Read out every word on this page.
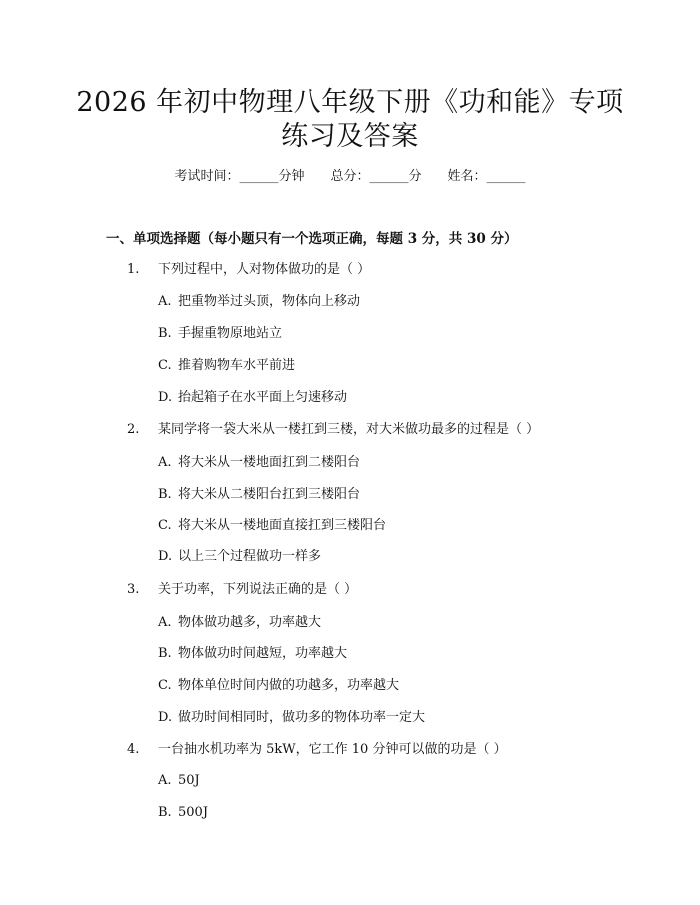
2026 年初中物理八年级下册《功和能》专项
练习及答案
考试时间：______分钟 总分：______分 姓名：______
一、单项选择题（每小题只有一个选项正确，每题 3 分，共 30 分）
1. 下列过程中，人对物体做功的是（ ）
A. 把重物举过头顶，物体向上移动
B. 手握重物原地站立
C. 推着购物车水平前进
D. 抬起箱子在水平面上匀速移动
2. 某同学将一袋大米从一楼扛到三楼，对大米做功最多的过程是（ ）
A. 将大米从一楼地面扛到二楼阳台
B. 将大米从二楼阳台扛到三楼阳台
C. 将大米从一楼地面直接扛到三楼阳台
D. 以上三个过程做功一样多
3. 关于功率，下列说法正确的是（ ）
A. 物体做功越多，功率越大
B. 物体做功时间越短，功率越大
C. 物体单位时间内做的功越多，功率越大
D. 做功时间相同时，做功多的物体功率一定大
4. 一台抽水机功率为 5kW，它工作 10 分钟可以做的功是（ ）
A. 50J
B. 500J
